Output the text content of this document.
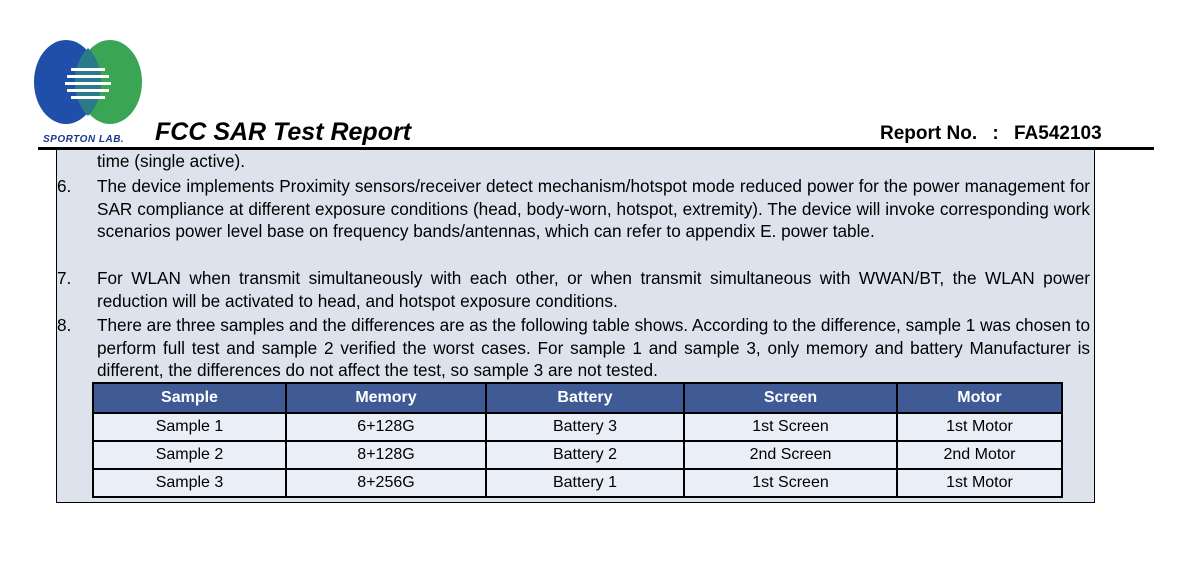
SPORTON LAB. FCC SAR Test Report	Report No. : FA542103
time (single active).
6.	The device implements Proximity sensors/receiver detect mechanism/hotspot mode reduced power for the power management for SAR compliance at different exposure conditions (head, body-worn, hotspot, extremity). The device will invoke corresponding work scenarios power level base on frequency bands/antennas, which can refer to appendix E. power table.
7.	For WLAN when transmit simultaneously with each other, or when transmit simultaneous with WWAN/BT, the WLAN power reduction will be activated to head, and hotspot exposure conditions.
8.	There are three samples and the differences are as the following table shows. According to the difference, sample 1 was chosen to perform full test and sample 2 verified the worst cases. For sample 1 and sample 3, only memory and battery Manufacturer is different, the differences do not affect the test, so sample 3 are not tested.
Sample	Memory	Battery	Screen	Motor
Sample 1	6+128G	Battery 3	1st Screen	1st Motor
Sample 2	8+128G	Battery 2	2nd Screen	2nd Motor
Sample 3	8+256G	Battery 1	1st Screen	1st Motor
